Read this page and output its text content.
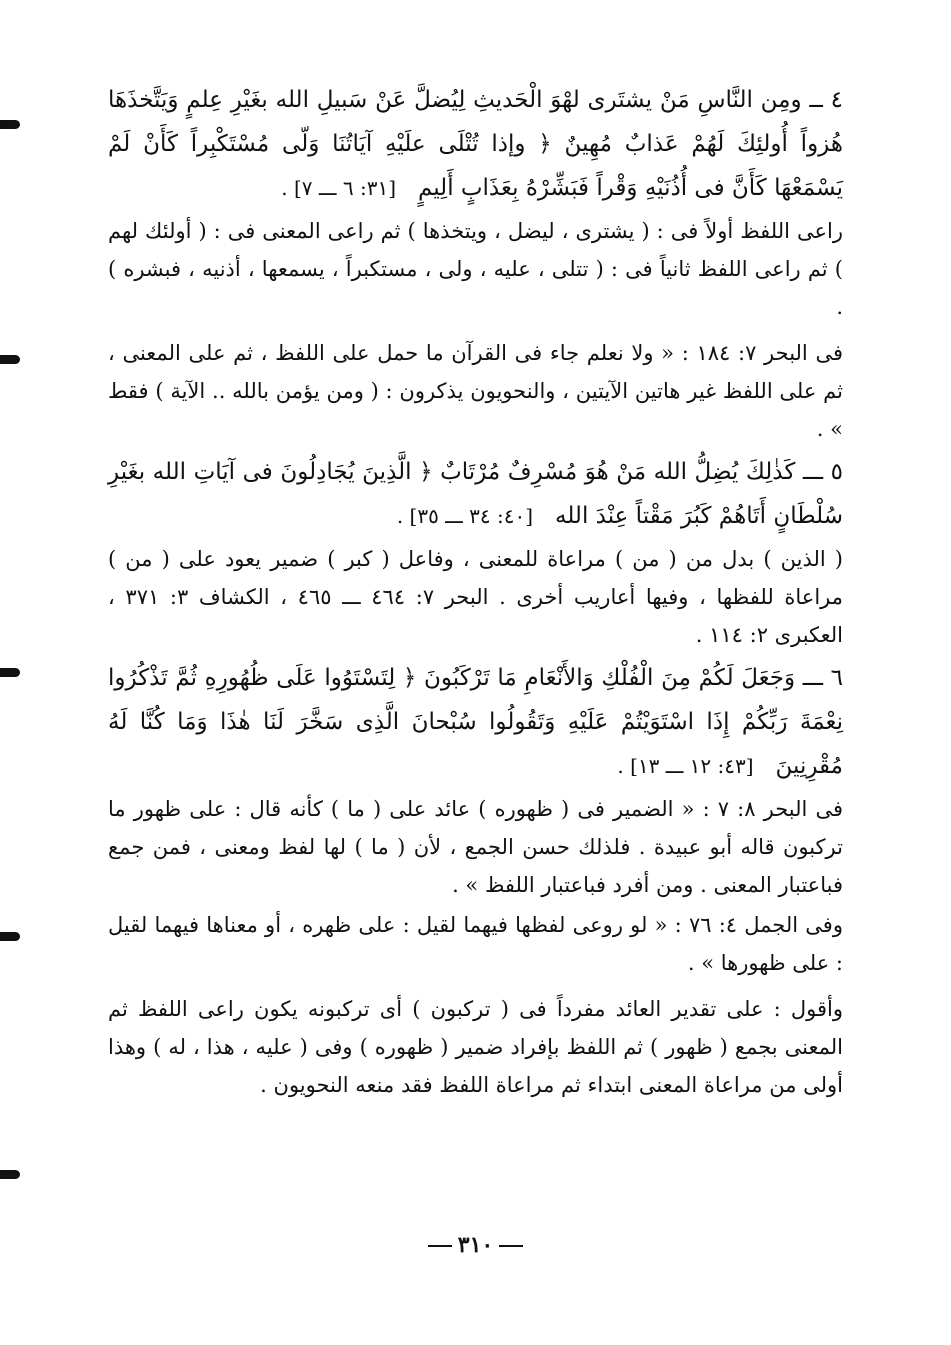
٤ ــ ومِن النَّاسِ مَنْ يشتَرى لهْوَ الْحَديثِ لِيُضلَّ عَنْ سَبيلِ الله بغَيْرِ عِلمٍ وَيَتَّخذَهَا هُزواً أُولئِكَ لَهُمْ عَذابٌ مُهِينٌ ﴿ وإذا تُتْلَى علَيْهِ آيَاتُنَا وَلّى مُسْتَكْبِراً كَأَنْ لَمْ يَسْمَعْهَا كَأَنَّ فى أُذُنَيْهِ وَقْراً فَبَشِّرْهُ بِعَذَابٍ أَلِيمٍ   [٣١: ٦ ـــ ٧] .

راعى اللفظ أولاً فى : ( يشترى ، ليضل ، ويتخذها ) ثم راعى المعنى فى : ( أولئك لهم ) ثم راعى اللفظ ثانياً فى : ( تتلى ، عليه ، ولى ، مستكبراً ، يسمعها ، أذنيه ، فبشره ) .

فى البحر ٧: ١٨٤ : « ولا نعلم جاء فى القرآن ما حمل على اللفظ ، ثم على المعنى ، ثم على اللفظ غير هاتين الآيتين ، والنحويون يذكرون : ( ومن يؤمن بالله .. الآية ) فقط » .

٥ ـــ كَذٰلِكَ يُضِلُّ الله مَنْ هُوَ مُسْرِفٌ مُرْتَابٌ ﴿ الَّذِينَ يُجَادِلُونَ فى آيَاتِ الله بغَيْرِ سُلْطَانٍ أَتَاهُمْ كَبُرَ مَقْتاً عِنْدَ الله   [٤٠: ٣٤ ـــ ٣٥] .

( الذين ) بدل من ( من ) مراعاة للمعنى ، وفاعل ( كبر ) ضمير يعود على ( من ) مراعاة للفظها ، وفيها أعاريب أخرى . البحر ٧: ٤٦٤ ـــ ٤٦٥ ، الكشاف ٣: ٣٧١ ، العكبرى ٢: ١١٤ .

٦ ـــ وَجَعَلَ لَكُمْ مِنَ الْفُلْكِ وَالأَنْعَامِ مَا تَرْكَبُونَ ﴿ لِتَسْتَوُوا عَلَى ظُهُورِهِ ثُمَّ تَذْكُرُوا نِعْمَةَ رَبِّكُمْ إِذَا اسْتَوَيْتُمْ عَلَيْهِ وَتَقُولُوا سُبْحانَ الَّذِى سَخَّرَ لَنَا هٰذَا وَمَا كُنَّا لَهُ مُقْرِنِينَ   [٤٣: ١٢ ـــ ١٣] .

فى البحر ٨: ٧ : « الضمير فى ( ظهوره ) عائد على ( ما ) كأنه قال : على ظهور ما تركبون قاله أبو عبيدة . فلذلك حسن الجمع ، لأن ( ما ) لها لفظ ومعنى ، فمن جمع فباعتبار المعنى . ومن أفرد فباعتبار اللفظ » .

وفى الجمل ٤: ٧٦ : « لو روعى لفظها فيهما لقيل : على ظهره ، أو معناها فيهما لقيل : على ظهورها » .

وأقول : على تقدير العائد مفرداً فى ( تركبون ) أى تركبونه يكون راعى اللفظ ثم المعنى بجمع ( ظهور ) ثم اللفظ بإفراد ضمير ( ظهوره ) وفى ( عليه ، هذا ، له ) وهذا أولى من مراعاة المعنى ابتداء ثم مراعاة اللفظ فقد منعه النحويون .

٣١٠
